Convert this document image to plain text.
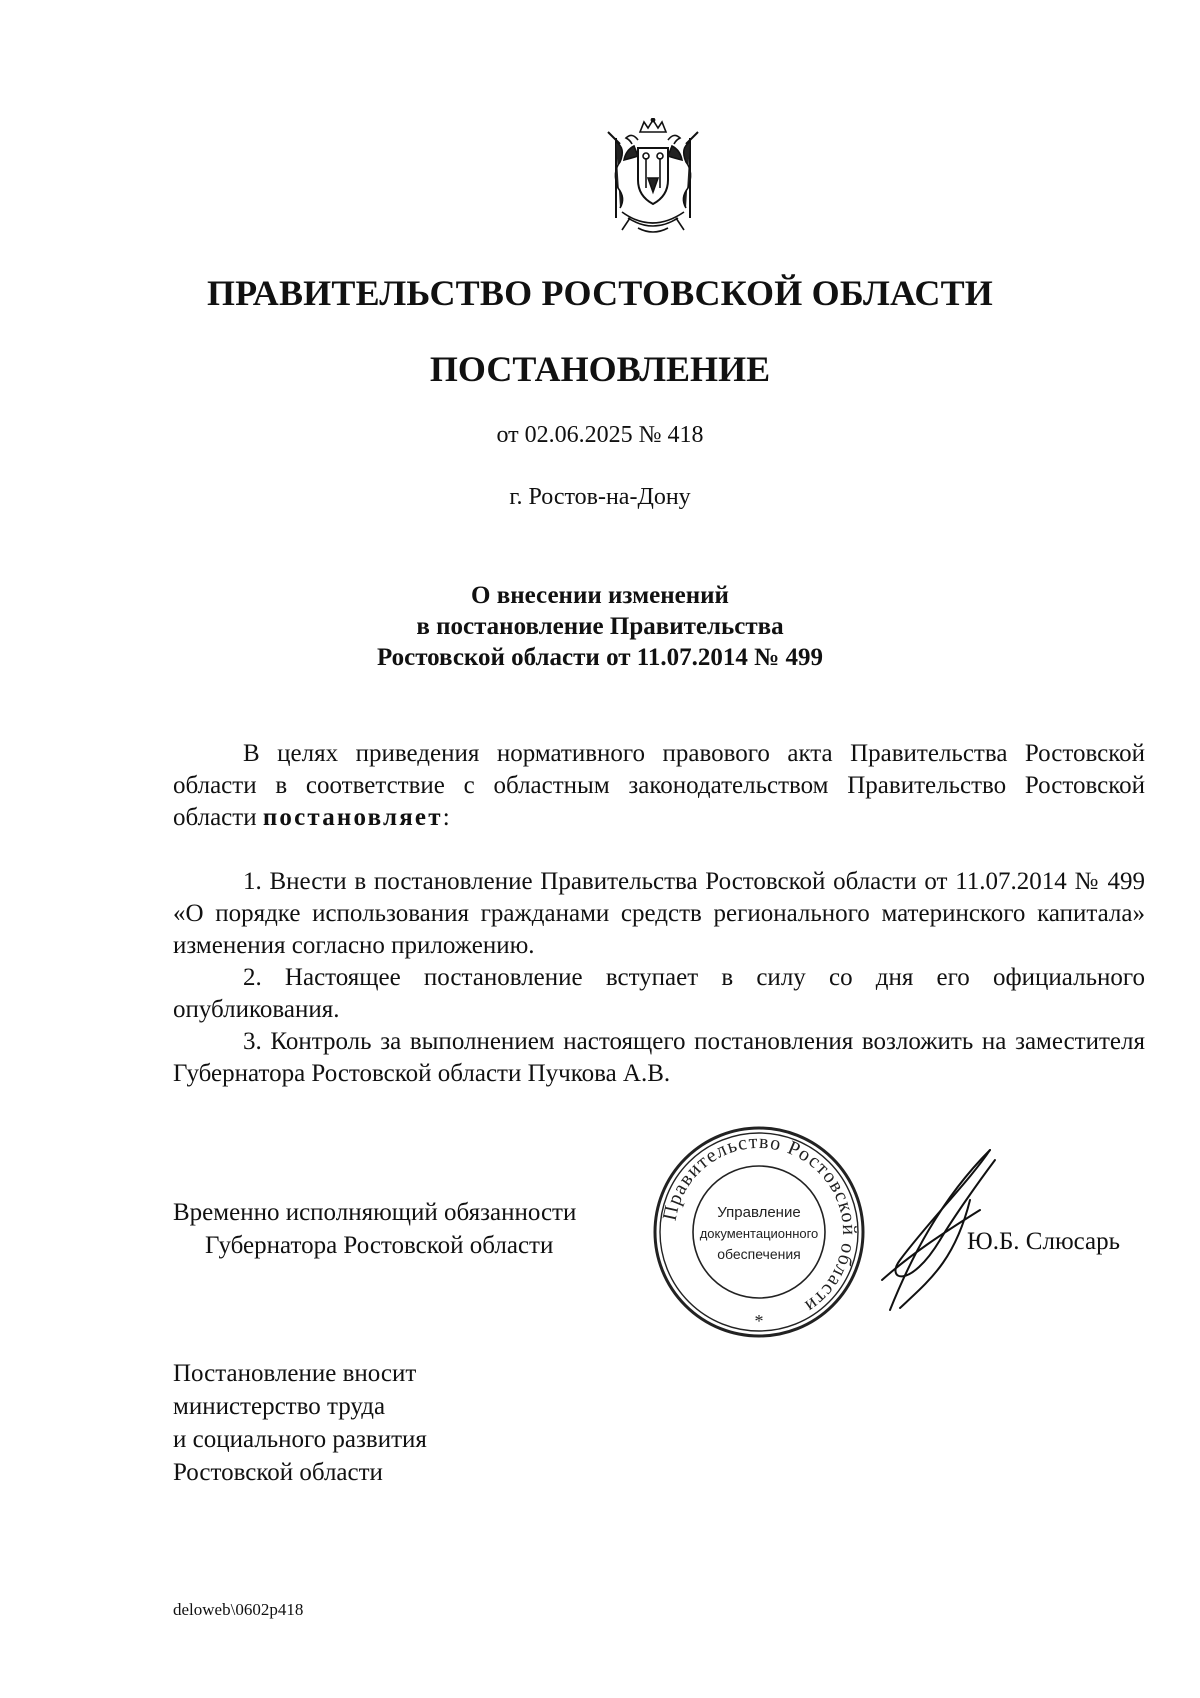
ПРАВИТЕЛЬСТВО РОСТОВСКОЙ ОБЛАСТИ
ПОСТАНОВЛЕНИЕ
от 02.06.2025 № 418
г. Ростов-на-Дону
О внесении изменений
в постановление Правительства
Ростовской области от 11.07.2014 № 499
В целях приведения нормативного правового акта Правительства Ростовской области в соответствие с областным законодательством Правительство Ростовской области постановляет:
1. Внести в постановление Правительства Ростовской области от 11.07.2014 № 499 «О порядке использования гражданами средств регионального материнского капитала» изменения согласно приложению.
2. Настоящее постановление вступает в силу со дня его официального опубликования.
3. Контроль за выполнением настоящего постановления возложить на заместителя Губернатора Ростовской области Пучкова А.В.
Временно исполняющий обязанности
Губернатора Ростовской области
Правительство Ростовской области
Управление
документационного
обеспечения
*
Ю.Б. Слюсарь
Постановление вносит
министерство труда
и социального развития
Ростовской области
deloweb\0602p418
